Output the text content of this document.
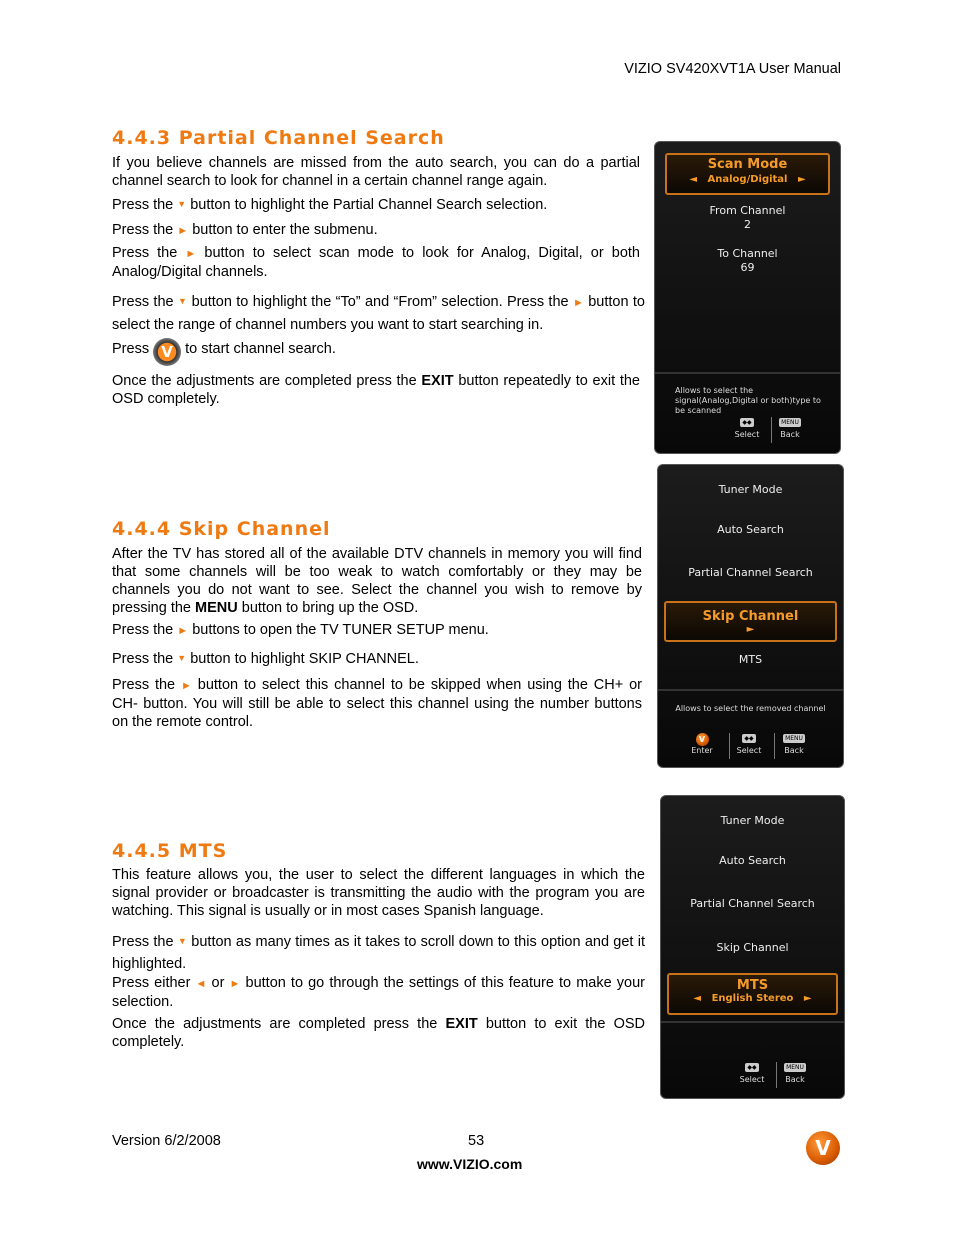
VIZIO SV420XVT1A User Manual
4.4.3 Partial Channel Search

If you believe channels are missed from the auto search, you can do a partial channel search to look for channel in a certain channel range again.

Press the ▼ button to highlight the Partial Channel Search selection.

Press the ► button to enter the submenu.

Press the ► button to select scan mode to look for Analog, Digital, or both Analog/Digital channels.

Press the ▼ button to highlight the “To” and “From” selection. Press the ► button to select the range of channel numbers you want to start searching in.

Press V to start channel search.

Once the adjustments are completed press the EXIT button repeatedly to exit the OSD completely.

Scan Mode
◄ Analog/Digital ►
From Channel
2
To Channel
69
Allows to select the signal(Analog,Digital or both)type to be scanned
◆◆
Select
MENU
Back
4.4.4 Skip Channel

After the TV has stored all of the available DTV channels in memory you will find that some channels will be too weak to watch comfortably or they may be channels you do not want to see. Select the channel you wish to remove by pressing the MENU button to bring up the OSD.

Press the ► buttons to open the TV TUNER SETUP menu.

Press the ▼ button to highlight SKIP CHANNEL.

Press the ► button to select this channel to be skipped when using the CH+ or CH- button. You will still be able to select this channel using the number buttons on the remote control.

Tuner Mode
Auto Search
Partial Channel Search
Skip Channel
►
MTS
Allows to select the removed channel
V
Enter
◆◆
Select
MENU
Back
4.4.5 MTS

This feature allows you, the user to select the different languages in which the signal provider or broadcaster is transmitting the audio with the program you are watching. This signal is usually or in most cases Spanish language.

Press the ▼ button as many times as it takes to scroll down to this option and get it highlighted.

Press either ◄ or ► button to go through the settings of this feature to make your selection.

Once the adjustments are completed press the EXIT button to exit the OSD completely.

Tuner Mode
Auto Search
Partial Channel Search
Skip Channel
MTS
◄ English Stereo ►
◆◆
Select
MENU
Back
Version 6/2/2008	53
www.VIZIO.com
V
